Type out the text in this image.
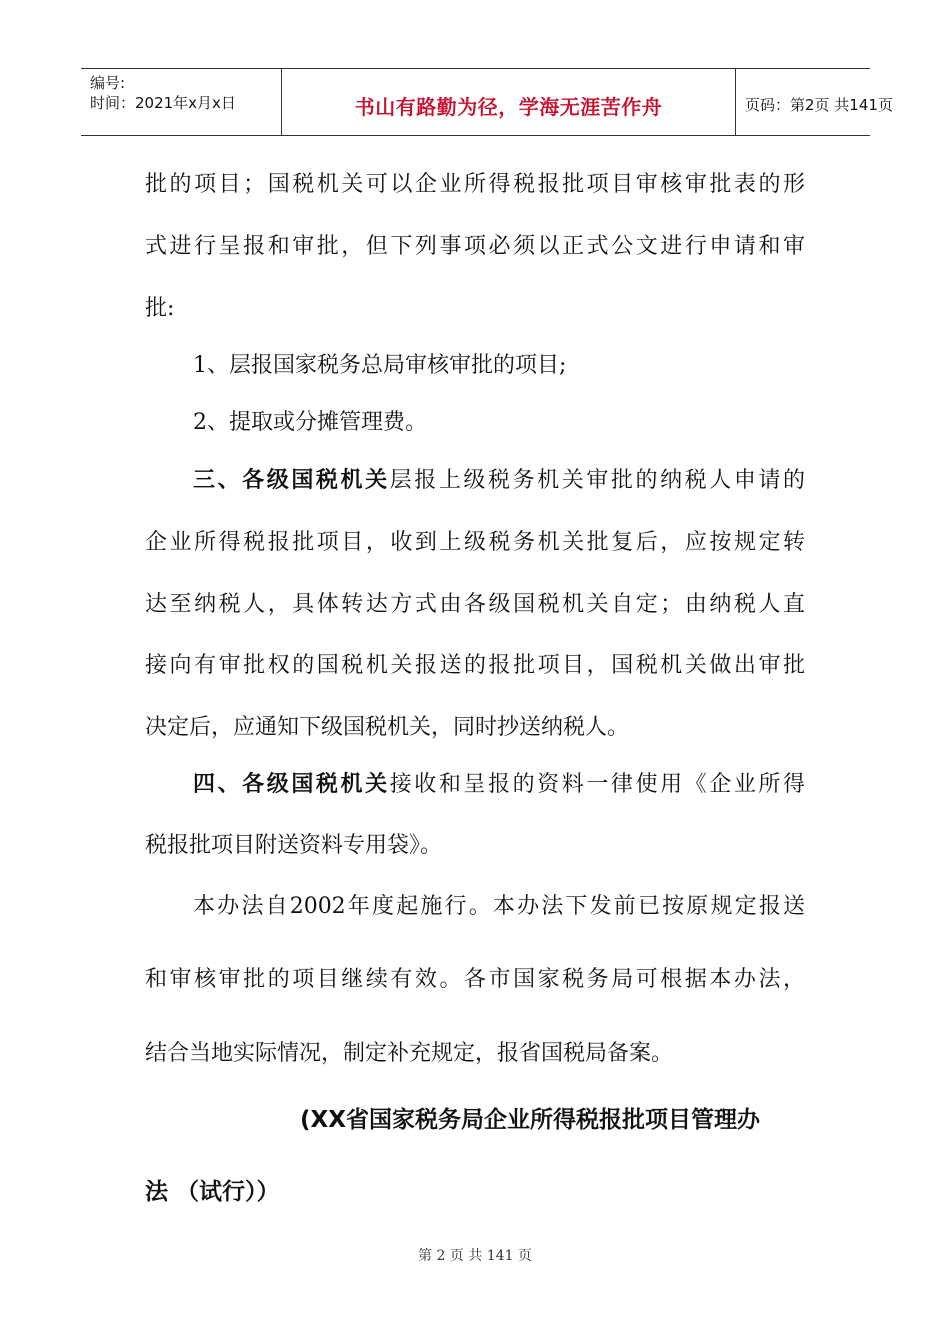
编号:
时间：2021年x月x日	书山有路勤为径，学海无涯苦作舟	页码：第2页 共141页
批的项目；国税机关可以企业所得税报批项目审核审批表的形
式进行呈报和审批，但下列事项必须以正式公文进行申请和审
批:
1、层报国家税务总局审核审批的项目;
2、提取或分摊管理费。
三、各级国税机关层报上级税务机关审批的纳税人申请的
企业所得税报批项目，收到上级税务机关批复后，应按规定转
达至纳税人，具体转达方式由各级国税机关自定；由纳税人直
接向有审批权的国税机关报送的报批项目，国税机关做出审批
决定后，应通知下级国税机关，同时抄送纳税人。
四、各级国税机关接收和呈报的资料一律使用《企业所得
税报批项目附送资料专用袋》。
本办法自2002年度起施行。本办法下发前已按原规定报送
和审核审批的项目继续有效。各市国家税务局可根据本办法，
结合当地实际情况，制定补充规定，报省国税局备案。
(XX省国家税务局企业所得税报批项目管理办
法 （试行））
第 2 页 共 141 页
